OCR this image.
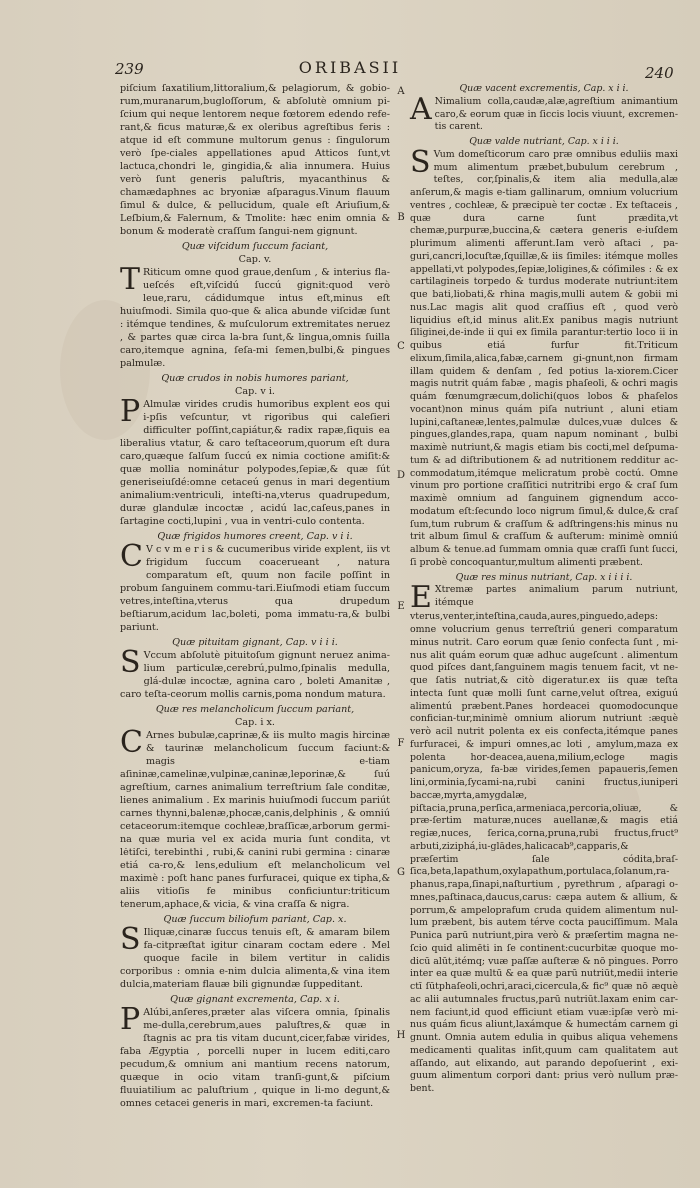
239	ORIBASII	240

piſcium ſaxatilium,littoralium,& pelagiorum, & gobio-rum,muranarum,bugloſſorum, & abſolutè omnium pi-ſcium qui neque lentorem neque fœtorem edendo refe-rant,& ficus maturæ,& ex oleribus agreſtibus feris : atque id eſt commune multorum genus : ſingulorum verò ſpe-ciales appellationes apud Atticos ſunt,vt lactuca,chondri le, gingidia,& alia innumera. Huius verò ſunt generis paluſtris, myacanthinus & chamædaphnes ac bryoniæ aſparagus.Vinum flauum ſimul & dulce, & pellucidum, quale eſt Ariuſium,& Leſbium,& Falernum, & Tmolite: hæc enim omnia & bonum & moderatè craſſum ſangui-nem gignunt.

Quæ viſcidum ſuccum faciant,
Cap. v.

TRiticum omne quod graue,denſum , & interius fla-ueſcés eſt,viſcidú ſuccú gignit:quod verò leue,raru, cádidumque intus eſt,minus eſt huiuſmodi. Simila quo-que & alica abunde viſcidæ ſunt : itémque tendines, & muſculorum extremitates neruez , & partes quæ circa la-bra ſunt,& lingua,omnis ſuilla caro,itemque agnina, ſeſa-mi ſemen,bulbi,& pingues palmulæ.

Quæ crudos in nobis humores pariant,
Cap. v i.

PAlmulæ virides crudis humoribus explent eos qui i-pſis veſcuntur, vt rigoribus qui caleſieri difficulter poſſint,capiátur,& radix rapæ,ſiquis ea liberalius vtatur, & caro teſtaceorum,quorum eſt dura caro,quæque ſalſum ſuccú ex nimia coctione amiſit:& quæ mollia nominátur polypodes,ſepiæ,& quæ ſút generiseiuſdé:omne cetaceú genus in mari degentium animalium:ventriculi, inteſti-na,vterus quadrupedum, duræ glandulæ incoctæ , acidú lac,caſeus,panes in ſartagine cocti,lupini , vua in ventri-culo contenta.

Quæ frigidos humores creent, Cap. v i i.

CV c v m e r i s & cucumeribus viride explent, iis vt frigidum ſuccum coacerueant , natura comparatum eſt, quum non facile poſſint in probum ſanguinem commu-tari.Eiuſmodi etiam ſuccum vetres,inteſtina,vterus qua drupedum beſtiarum,acidum lac,boleti, poma immatu-ra,& bulbi pariunt.

Quæ pituitam gignant, Cap. v i i i.

SVccum abſolutè pituitoſum gignunt neruez anima-lium particulæ,cerebrú,pulmo,ſpinalis medulla, glá-dulæ incoctæ, agnina caro , boleti Amanitæ , caro teſta-ceorum mollis carnis,poma nondum matura.

Quæ res melancholicum ſuccum pariant,
Cap. i x.

CArnes bubulæ,caprinæ,& iis multo magis hircinæ & taurinæ melancholicum ſuccum faciunt:& magis e-tiam aſininæ,camelinæ,vulpinæ,caninæ,leporinæ,& ſuú agreſtium, carnes animalium terreſtrium ſale conditæ, lienes animalium . Ex marinis huiuſmodi ſuccum pariút carnes thynni,balenæ,phocæ,canis,delphinis , & omniú cetaceorum:itemque cochleæ,braſſicæ,arborum germi-na quæ muria vel ex acida muria ſunt condita, vt lėtiſci, terebinthi , rubi,& canini rubi germina : cinaræ etiá ca-ro,& lens,edulium eſt melancholicum vel maximè : poſt hanc panes furfuracei, quique ex tipha,& aliis vitioſis fe minibus conficiuntur:triticum tenerum,aphace,& vicia, & vina craſſa & nigra.

Quæ ſuccum biliofum pariant, Cap. x.

SIliquæ,cinaræ ſuccus tenuis eſt, & amaram bilem fa-citpræſtat igitur cinaram coctam edere . Mel quoque facile in bilem vertitur in calidis corporibus : omnia e-nim dulcia alimenta,& vina item dulcia,materiam flauæ bili gignundæ ſuppeditant.

Quæ gignant excrementa, Cap. x i.

PAlúbi,anſeres,præter alas viſcera omnia, ſpinalis me-dulla,cerebrum,aues paluſtres,& quæ in ſtagnis ac pra tis vitam ducunt,cicer,fabæ virides, faba Ægyptia , porcelli nuper in lucem editi,caro pecudum,& omnium ani mantium recens natorum, quæque in ocio vitam tranſi-gunt,& piſcium fluuiatilium ac paluſtrium , quique in li-mo degunt,& omnes cetacei generis in mari, excremen-ta faciunt.

Quæ vacent excrementis, Cap. x i i.

ANimalium colla,caudæ,alæ,agreſtium animantium caro,& eorum quæ in ſiccis locis viuunt, excremen-tis carent.

Quæ valde nutriant, Cap. x i i i.

SVum domeſticorum caro præ omnibus eduliis maxi mum alimentum præbet,bubulum cerebrum , teſtes, cor,ſpinalis,& item alia medulla,alæ anſerum,& magis e-tiam gallinarum, omnium volucrium ventres , cochleæ, & præcipuè ter coctæ . Ex teſtaceis , quæ dura carne ſunt prædita,vt chemæ,purpuræ,buccina,& cætera generis e-iuſdem plurimum alimenti afferunt.Iam verò aſtaci , pa-guri,cancri,locuſtæ,ſquillæ,& iis ſimiles: itémque molles appellati,vt polypodes,ſepiæ,loligines,& cóſimiles : & ex cartilagineis torpedo & turdus moderate nutriunt:item que bati,liobati,& rhina magis,mulli autem & gobii mi nus.Lac magis alit quod craſſius eſt , quod verò liquidius eſt,id minus alit.Ex panibus magis nutriunt ſiliginei,de-inde ii qui ex ſimila parantur:tertio loco ii in quibus etiá furfur fit.Triticum elixum,ſimila,alica,fabæ,carnem gi-gnunt,non firmam illam quidem & denſam , ſed potius la-xiorem.Cicer magis nutrit quám fabæ , magis phaſeoli, & ochri magis quám fœnumgræcum,dolichi(quos lobos & phaſelos vocant)non minus quám piſa nutriunt , aluni etiam lupini,caſtaneæ,lentes,palmulæ dulces,vuæ dulces & pingues,glandes,rapa, quam napum nominant , bulbi maximè nutriunt,& magis etiam bis cocti,mel deſpuma-tum & ad diſtributionem & ad nutritionem redditur ac-commodatum,itémque melicratum probè coctú. Omne vinum pro portione craſſitici nutritribi ergo & craſ ſum maximè omnium ad ſanguinem gignendum acco-modatum eſt:ſecundo loco nigrum ſimul,& dulce,& craſ ſum,tum rubrum & craſſum & adſtringens:his minus nu trit album ſimul & craſſum & auſterum: minimè omniú album & tenue.ad ſummam omnia quæ craſſi ſunt ſucci, ſi probè concoquantur,multum alimenti præbent.

Quæ res minus nutriant, Cap. x i i i i.

EXtremæ partes animalium parum nutriunt, itémque vterus,venter,inteſtina,cauda,aures,pinguedo,adeps: omne volucrium genus terreſtriú generi comparatum minus nutrit. Caro eorum quæ ſenio confecta ſunt , mi-nus alit quám eorum quæ adhuc augeſcunt . alimentum quod piſces dant,ſanguinem magis tenuem facit, vt ne-que ſatis nutriat,& citò digeratur.ex iis quæ teſta intecta ſunt quæ molli ſunt carne,velut oſtrea, exiguú alimentú præbent.Panes hordeacei quomodocunque confician-tur,minimè omnium aliorum nutriunt :æquè verò acil nutrit polenta ex eis confecta,itémque panes furfuracei, & impuri omnes,ac loti , amylum,maza ex polenta hor-deacea,auena,milium,ecloge magis panicum,oryza, fa-bæ virides,ſemen papaueris,ſemen lini,orminia,ſycami-na,rubi canini fructus,iuniperi baccæ,myrta,amygdalæ, piſtacia,pruna,perſica,armeniaca,percoria,oliuæ, & præ-ſertim maturæ,nuces auellanæ,& magis etiá regiæ,nuces, ſerica,corna,pruna,rubi fructus,fruct⁹ arbuti,ziziphá,iu-glādes,halicacab⁹,capparis,& præſertim ſale códita,braſ-ſica,beta,lapathum,oxylapathum,portulaca,ſolanum,ra-phanus,rapa,ſinapi,naſturtium , pyrethrum , aſparagi o-mnes,paſtinaca,daucus,carus: cæpa autem & allium, & porrum,& ampeloprafum cruda quidem alimentum nul-lum præbent, bis autem térve cocta pauciſſimum. Mala Punica parū nutriunt,pira verò & præſertim magna ne-ſcio quid alimēti in ſe continent:cucurbitæ quoque mo-dicū alūt,itémq; vuæ paſſæ auſteræ & nō pingues. Porro inter ea quæ multū & ea quæ parū nutriūt,medii interie ctī ſūtphaſeoli,ochri,araci,cicercula,& fic⁹ quæ nō æquè ac alii autumnales fructus,parū nutriūt.laxam enim car-nem faciunt,id quod efficiunt etiam vuæ:ipſæ verò mi-nus quám ficus aliunt,laxámque & humectám carnem gi gnunt. Omnia autem edulia in quibus aliqua vehemens medicamenti qualitas inſit,quum cam qualitatem aut aſſando, aut elixando, aut parando depoſuerint , exi-guum alimentum corpori dant: prius verò nullum præ-bent.

A
B
C
D
E
F
G
H
